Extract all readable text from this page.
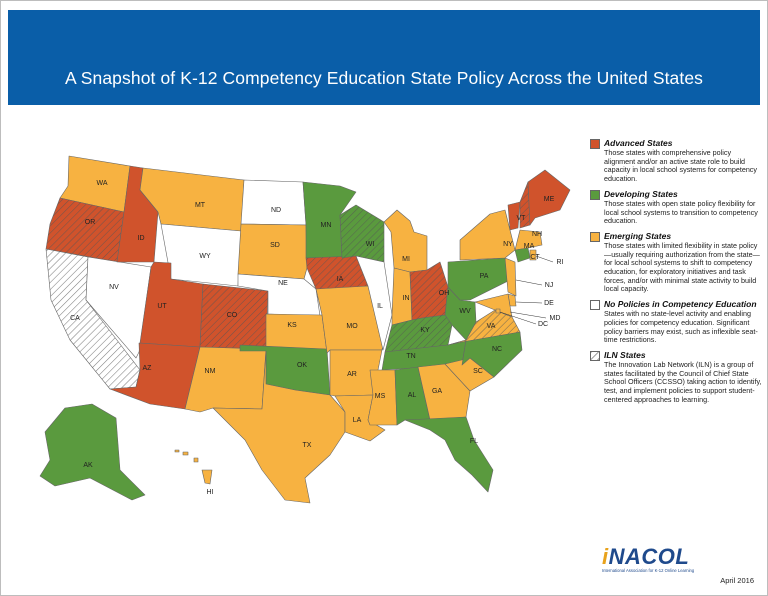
A Snapshot of K-12 Competency Education State Policy Across the United States
WA
OR
CA
NV
ID
MT
WY
UT
AZ
CO
NM
ND
SD
NE
KS
OK
TX
MN
IA
MO
AR
LA
WI
IL
MI
IN
OH
KY
TN
MS	AL
GA
FL
SC
NC
VA
WV
PA
NY
VT
NH
ME
MA
CT
RI
NJ
DE
MD
DC
AK
HI
Advanced States
Those states with comprehensive policy alignment and/or an active state role to build capacity in local school systems for competency education.
Developing States
Those states with open state policy flexibility for local school systems to transition to competency education.
Emerging States
Those states with limited flexibility in state policy—usually requiring authorization from the state—for local school systems to shift to competency education, for exploratory initiatives and task forces, and/or with minimal state activity to build local capacity.
No Policies in Competency Education
States with no state-level activity and enabling policies for competency education. Significant policy barriers may exist, such as inflexible seat-time restrictions.
ILN States
The Innovation Lab Network (ILN) is a group of states facilitated by the Council of Chief State School Officers (CCSSO) taking action to identify, test, and implement policies to support student-centered approaches to learning.
iNACOL
International Association for K-12 Online Learning
April 2016
